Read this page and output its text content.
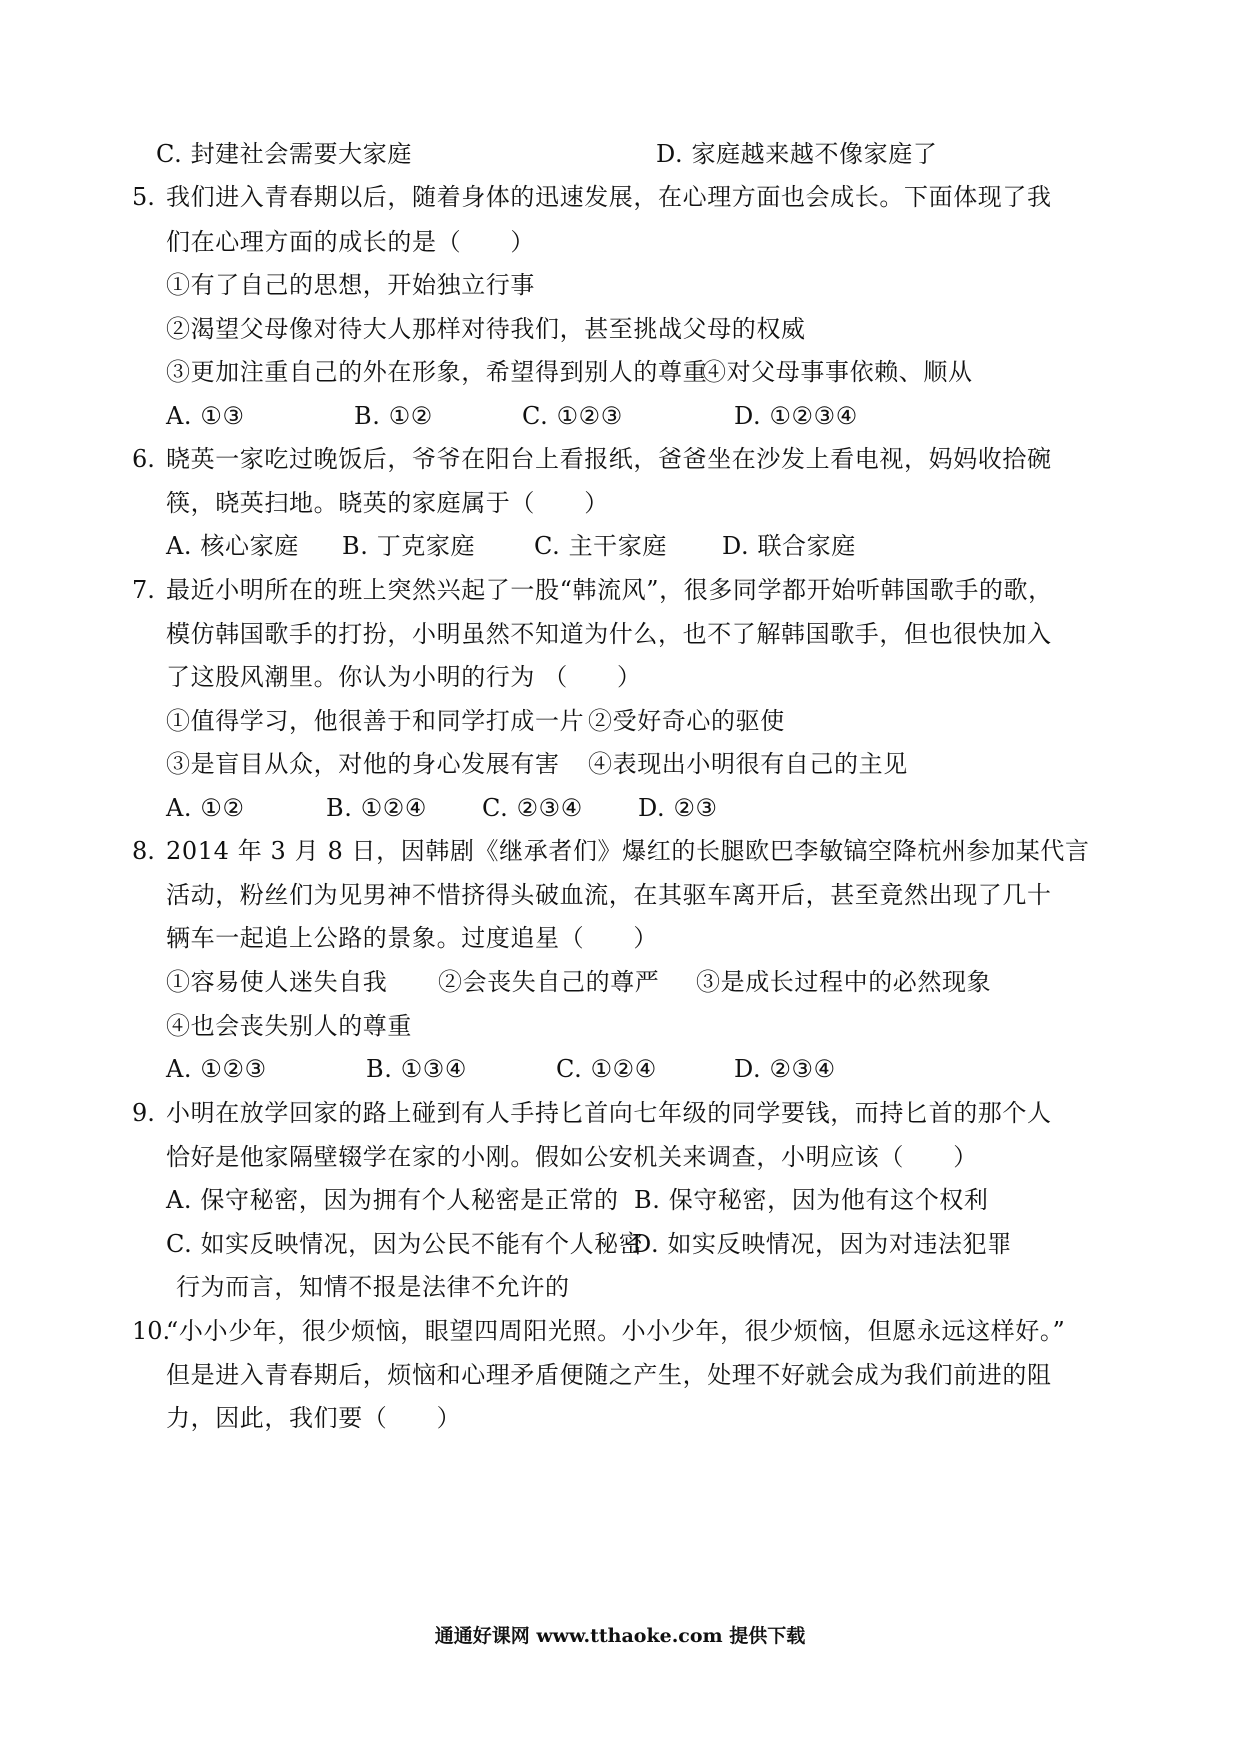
C. 封建社会需要大家庭	D. 家庭越来越不像家庭了
5. 我们进入青春期以后，随着身体的迅速发展，在心理方面也会成长。下面体现了我
们在心理方面的成长的是（　　）
①有了自己的思想，开始独立行事
②渴望父母像对待大人那样对待我们，甚至挑战父母的权威
③更加注重自己的外在形象，希望得到别人的尊重
④对父母事事依赖、顺从
A. ①③	B. ①②	C. ①②③	D. ①②③④
6. 晓英一家吃过晚饭后，爷爷在阳台上看报纸，爸爸坐在沙发上看电视，妈妈收拾碗
筷，晓英扫地。晓英的家庭属于（　　）
A. 核心家庭 B. 丁克家庭 C. 主干家庭 D. 联合家庭
7. 最近小明所在的班上突然兴起了一股“韩流风”，很多同学都开始听韩国歌手的歌，
模仿韩国歌手的打扮，小明虽然不知道为什么，也不了解韩国歌手，但也很快加入
了这股风潮里。你认为小明的行为 （　　）
①值得学习，他很善于和同学打成一片 ②受好奇心的驱使
③是盲目从众，对他的身心发展有害 ④表现出小明很有自己的主见
A. ①②	B. ①②④ C. ②③④ D. ②③
8. 2014 年 3 月 8 日，因韩剧《继承者们》爆红的长腿欧巴李敏镐空降杭州参加某代言
活动，粉丝们为见男神不惜挤得头破血流，在其驱车离开后，甚至竟然出现了几十
辆车一起追上公路的景象。过度追星（　　）
①容易使人迷失自我 ②会丧失自己的尊严 ③是成长过程中的必然现象
④也会丧失别人的尊重
A. ①②③	B. ①③④	C. ①②④	D. ②③④
9. 小明在放学回家的路上碰到有人手持匕首向七年级的同学要钱，而持匕首的那个人
恰好是他家隔壁辍学在家的小刚。假如公安机关来调查，小明应该（　　）
A. 保守秘密，因为拥有个人秘密是正常的 B. 保守秘密，因为他有这个权利
C. 如实反映情况，因为公民不能有个人秘密
D. 如实反映情况，因为对违法犯罪
行为而言，知情不报是法律不允许的
10.
“小小少年，很少烦恼，眼望四周阳光照。小小少年，很少烦恼，但愿永远这样好。”
但是进入青春期后，烦恼和心理矛盾便随之产生，处理不好就会成为我们前进的阻
力，因此，我们要（　　）
通通好课网 www.tthaoke.com 提供下载
